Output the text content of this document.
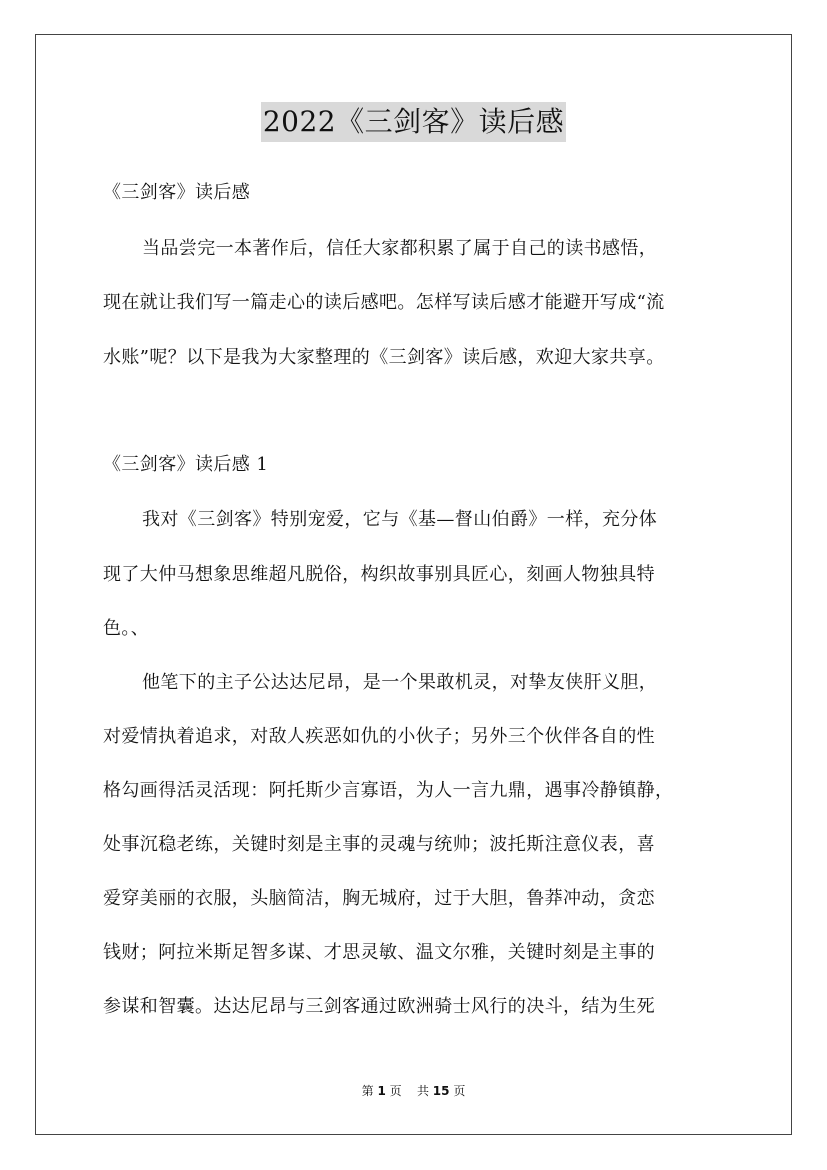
2022《三剑客》读后感
《三剑客》读后感
当品尝完一本著作后，信任大家都积累了属于自己的读书感悟，
现在就让我们写一篇走心的读后感吧。怎样写读后感才能避开写成“流
水账”呢？以下是我为大家整理的《三剑客》读后感，欢迎大家共享。
《三剑客》读后感 1
我对《三剑客》特别宠爱，它与《基—督山伯爵》一样，充分体
现了大仲马想象思维超凡脱俗，构织故事别具匠心，刻画人物独具特
色。、
他笔下的主子公达达尼昂，是一个果敢机灵，对挚友侠肝义胆，
对爱情执着追求，对敌人疾恶如仇的小伙子；另外三个伙伴各自的性
格勾画得活灵活现：阿托斯少言寡语，为人一言九鼎，遇事冷静镇静，
处事沉稳老练，关键时刻是主事的灵魂与统帅；波托斯注意仪表，喜
爱穿美丽的衣服，头脑简洁，胸无城府，过于大胆，鲁莽冲动，贪恋
钱财；阿拉米斯足智多谋、才思灵敏、温文尔雅，关键时刻是主事的
参谋和智囊。达达尼昂与三剑客通过欧洲骑士风行的决斗，结为生死
第 1 页 共 15 页
